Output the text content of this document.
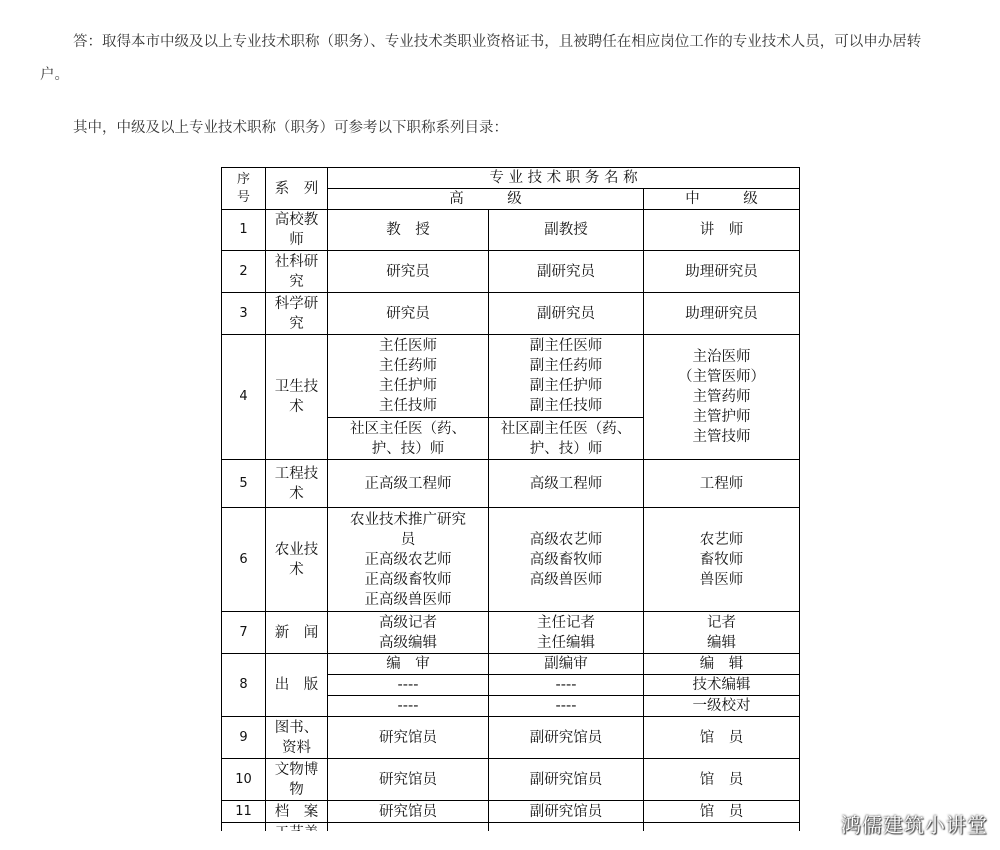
答：取得本市中级及以上专业技术职称（职务）、专业技术类职业资格证书，且被聘任在相应岗位工作的专业技术人员，可以申办居转
户。
其中，中级及以上专业技术职称（职务）可参考以下职称系列目录：
序
号	系　列	专 业 技 术 职 务 名 称		
		高　　　级		中　　　级
1	高校教
师	教　授	副教授	讲　师
2	社科研
究	研究员	副研究员	助理研究员
3	科学研
究	研究员	副研究员	助理研究员
4	卫生技
术	主任医师
主任药师
主任护师
主任技师	副主任医师
副主任药师
副主任护师
副主任技师	主治医师
（主管医师）
主管药师
主管护师
主管技师
		社区主任医（药、
护、技）师	社区副主任医（药、
护、技）师	
5	工程技
术	正高级工程师	高级工程师	工程师
6	农业技
术	农业技术推广研究
员
正高级农艺师
正高级畜牧师
正高级兽医师	高级农艺师
高级畜牧师
高级兽医师	农艺师
畜牧师
兽医师
7	新　闻	高级记者
高级编辑	主任记者
主任编辑	记者
编辑
8	出　版	编　审	副编审	编　辑
		----	----	技术编辑
		----	----	一级校对
9	图书、
资料	研究馆员	副研究馆员	馆　员
10	文物博
物	研究馆员	副研究馆员	馆　员
11	档　案	研究馆员	副研究馆员	馆　员

鸿儒建筑小讲堂
